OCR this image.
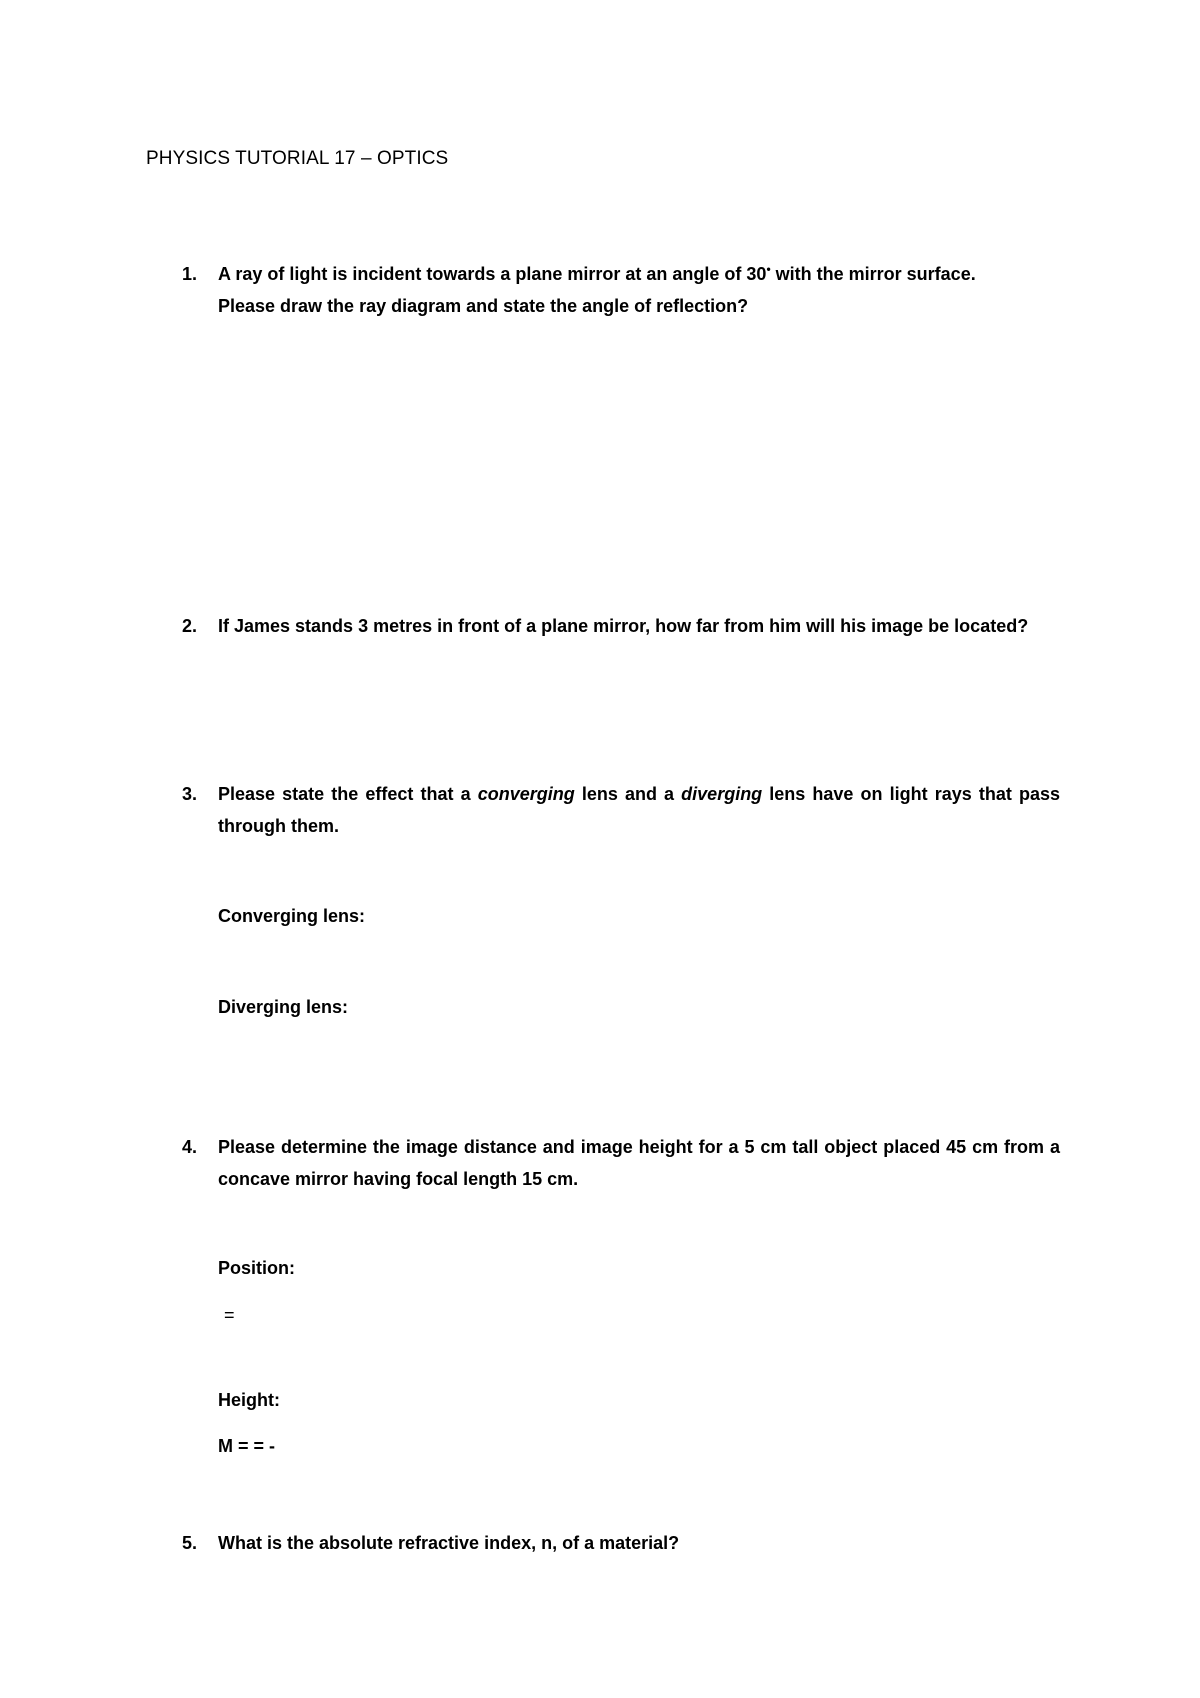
PHYSICS TUTORIAL 17 – OPTICS
1.	A ray of light is incident towards a plane mirror at an angle of 30• with the mirror surface.

Please draw the ray diagram and state the angle of reflection?

2.	If James stands 3 metres in front of a plane mirror, how far from him will his image be located?
3.	Please state the effect that a converging lens and a diverging lens have on light rays that pass through them.
Converging lens:
Diverging lens:
4.	Please determine the image distance and image height for a 5 cm tall object placed 45 cm from a concave mirror having focal length 15 cm.
Position:
=
Height:
M = = -
5.	What is the absolute refractive index, n, of a material?
